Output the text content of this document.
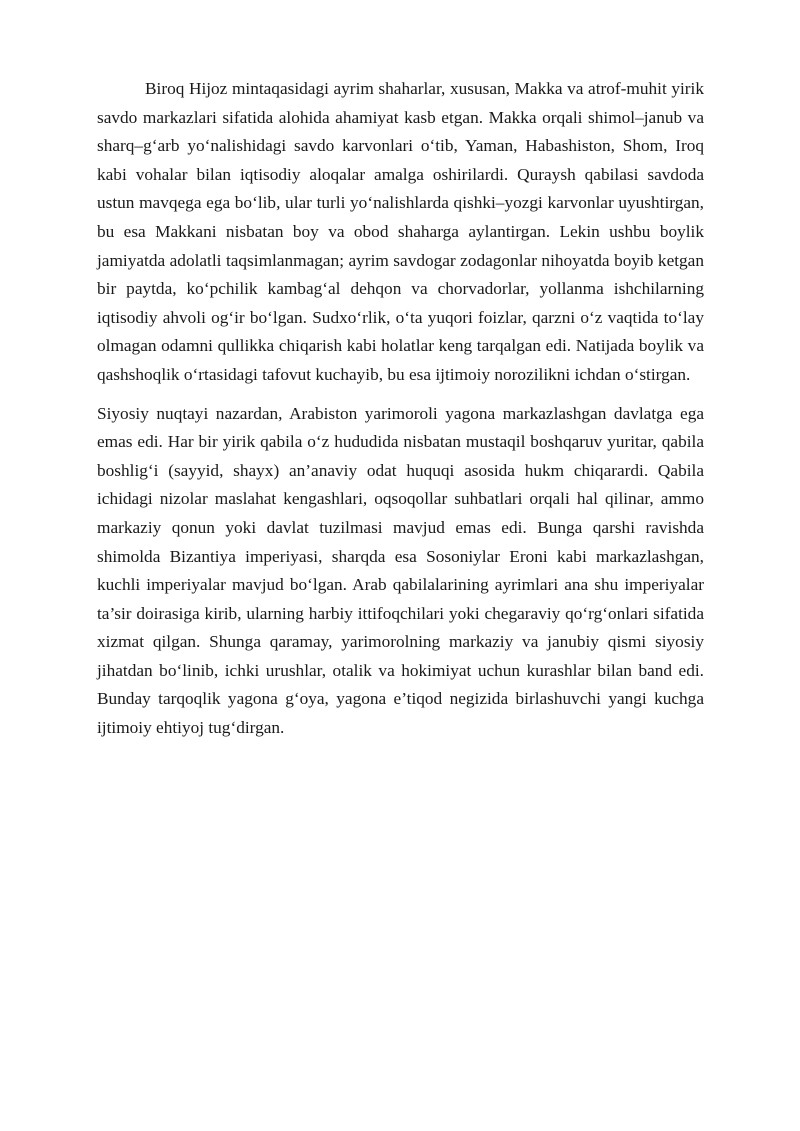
Biroq Hijoz mintaqasidagi ayrim shaharlar, xususan, Makka va atrof-muhit yirik savdo markazlari sifatida alohida ahamiyat kasb etgan. Makka orqali shimol–janub va sharq–g‘arb yo‘nalishidagi savdo karvonlari o‘tib, Yaman, Habashiston, Shom, Iroq kabi vohalar bilan iqtisodiy aloqalar amalga oshirilardi. Quraysh qabilasi savdoda ustun mavqega ega bo‘lib, ular turli yo‘nalishlarda qishki–yozgi karvonlar uyushtirgan, bu esa Makkani nisbatan boy va obod shaharga aylantirgan. Lekin ushbu boylik jamiyatda adolatli taqsimlanmagan; ayrim savdogar zodagonlar nihoyatda boyib ketgan bir paytda, ko‘pchilik kambag‘al dehqon va chorvadorlar, yollanma ishchilarning iqtisodiy ahvoli og‘ir bo‘lgan. Sudxo‘rlik, o‘ta yuqori foizlar, qarzni o‘z vaqtida to‘lay olmagan odamni qullikka chiqarish kabi holatlar keng tarqalgan edi. Natijada boylik va qashshoqlik o‘rtasidagi tafovut kuchayib, bu esa ijtimoiy norozilikni ichdan o‘stirgan.

Siyosiy nuqtayi nazardan, Arabiston yarimoroli yagona markazlashgan davlatga ega emas edi. Har bir yirik qabila o‘z hududida nisbatan mustaqil boshqaruv yuritar, qabila boshlig‘i (sayyid, shayx) an’anaviy odat huquqi asosida hukm chiqarardi. Qabila ichidagi nizolar maslahat kengashlari, oqsoqollar suhbatlari orqali hal qilinar, ammo markaziy qonun yoki davlat tuzilmasi mavjud emas edi. Bunga qarshi ravishda shimolda Bizantiya imperiyasi, sharqda esa Sosoniylar Eroni kabi markazlashgan, kuchli imperiyalar mavjud bo‘lgan. Arab qabilalarining ayrimlari ana shu imperiyalar ta’sir doirasiga kirib, ularning harbiy ittifoqchilari yoki chegaraviy qo‘rg‘onlari sifatida xizmat qilgan. Shunga qaramay, yarimorolning markaziy va janubiy qismi siyosiy jihatdan bo‘linib, ichki urushlar, otalik va hokimiyat uchun kurashlar bilan band edi. Bunday tarqoqlik yagona g‘oya, yagona e’tiqod negizida birlashuvchi yangi kuchga ijtimoiy ehtiyoj tug‘dirgan.
